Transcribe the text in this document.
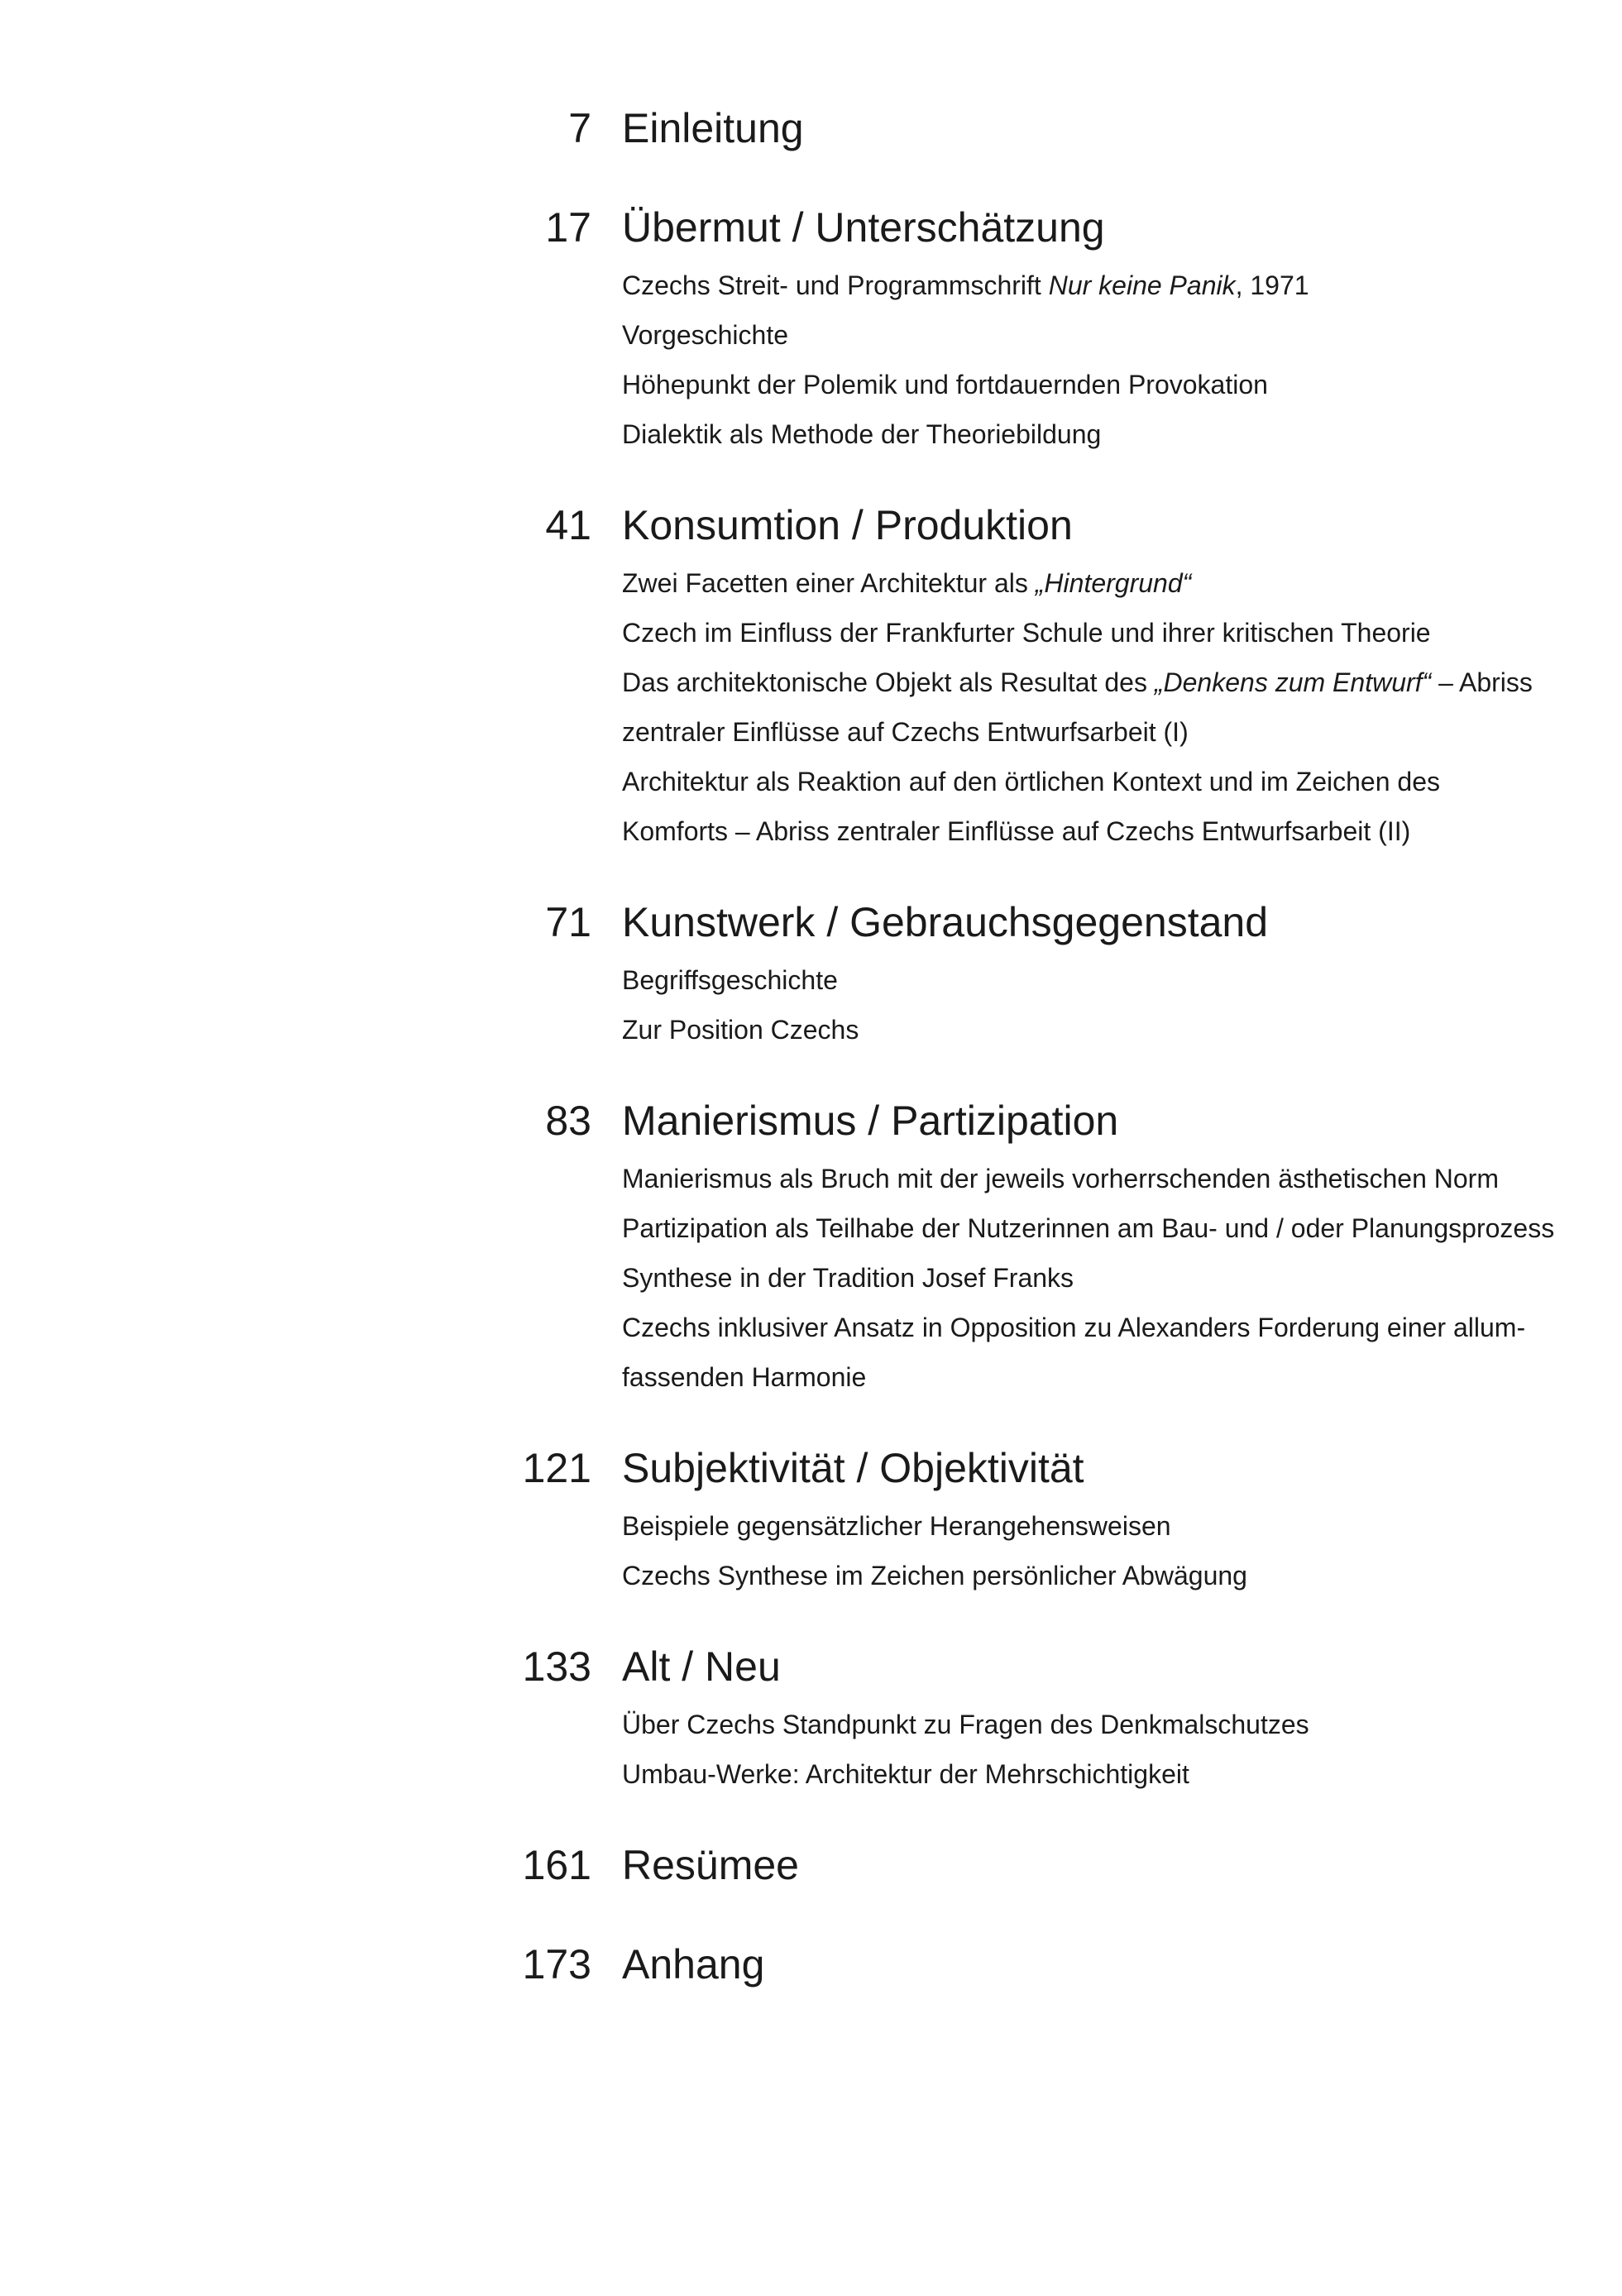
7 Einleitung
17 Übermut / Unterschätzung
Czechs Streit- und Programmschrift Nur keine Panik, 1971
Vorgeschichte
Höhepunkt der Polemik und fortdauernden Provokation
Dialektik als Methode der Theoriebildung
41 Konsumtion / Produktion
Zwei Facetten einer Architektur als „Hintergrund“
Czech im Einfluss der Frankfurter Schule und ihrer kritischen Theorie
Das architektonische Objekt als Resultat des „Denkens zum Entwurf“ – Abriss
zentraler Einflüsse auf Czechs Entwurfsarbeit (I)
Architektur als Reaktion auf den örtlichen Kontext und im Zeichen des
Komforts – Abriss zentraler Einflüsse auf Czechs Entwurfsarbeit (II)
71 Kunstwerk / Gebrauchsgegenstand
Begriffsgeschichte
Zur Position Czechs
83 Manierismus / Partizipation
Manierismus als Bruch mit der jeweils vorherrschenden ästhetischen Norm
Partizipation als Teilhabe der Nutzerinnen am Bau- und / oder Planungsprozess
Synthese in der Tradition Josef Franks
Czechs inklusiver Ansatz in Opposition zu Alexanders Forderung einer allum-
fassenden Harmonie
121 Subjektivität / Objektivität
Beispiele gegensätzlicher Herangehensweisen
Czechs Synthese im Zeichen persönlicher Abwägung
133 Alt / Neu
Über Czechs Standpunkt zu Fragen des Denkmalschutzes
Umbau-Werke: Architektur der Mehrschichtigkeit
161 Resümee
173 Anhang
